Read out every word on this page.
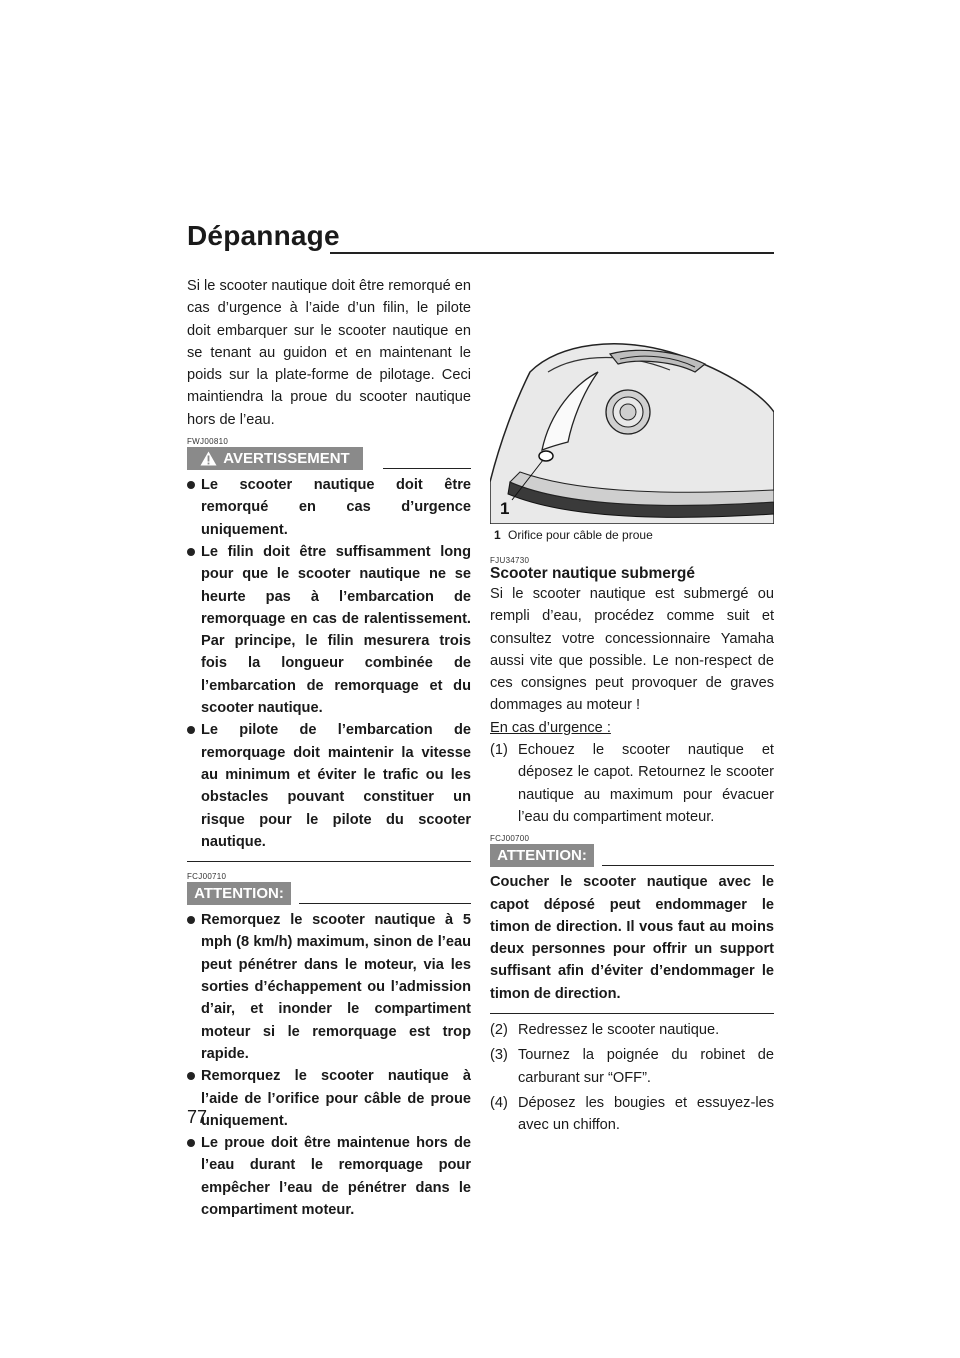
Dépannage

Si le scooter nautique doit être remorqué en cas d’urgence à l’aide d’un filin, le pilote doit embarquer sur le scooter nautique en se tenant au guidon et en maintenant le poids sur la plate-forme de pilotage. Ceci maintiendra la proue du scooter nautique hors de l’eau.

FWJ00810
AVERTISSEMENT
Le scooter nautique doit être remorqué en cas d’urgence uniquement.
Le filin doit être suffisamment long pour que le scooter nautique ne se heurte pas à l’embarcation de remorquage en cas de ralentissement. Par principe, le filin mesurera trois fois la longueur combinée de l’embarcation de remorquage et du scooter nautique.
Le pilote de l’embarcation de remorquage doit maintenir la vitesse au minimum et éviter le trafic ou les obstacles pouvant constituer un risque pour le pilote du scooter nautique.
FCJ00710
ATTENTION:
Remorquez le scooter nautique à 5 mph (8 km/h) maximum, sinon de l’eau peut pénétrer dans le moteur, via les sorties d’échappement ou l’admission d’air, et inonder le compartiment moteur si le remorquage est trop rapide.
Remorquez le scooter nautique à l’aide de l’orifice pour câble de proue uniquement.
Le proue doit être maintenue hors de l’eau durant le remorquage pour empêcher l’eau de pénétrer dans le compartiment moteur.
1
1 Orifice pour câble de proue
FJU34730
Scooter nautique submergé

Si le scooter nautique est submergé ou rempli d’eau, procédez comme suit et consultez votre concessionnaire Yamaha aussi vite que possible. Le non-respect de ces consignes peut provoquer de graves dommages au moteur !

En cas d’urgence :

(1) Echouez le scooter nautique et déposez le capot. Retournez le scooter nautique au maximum pour évacuer l’eau du compartiment moteur.
FCJ00700
ATTENTION:

Coucher le scooter nautique avec le capot déposé peut endommager le timon de direction. Il vous faut au moins deux personnes pour offrir un support suffisant afin d’éviter d’endommager le timon de direction.

(2) Redressez le scooter nautique.
(3) Tournez la poignée du robinet de carburant sur “OFF”.
(4) Déposez les bougies et essuyez-les avec un chiffon.
77
